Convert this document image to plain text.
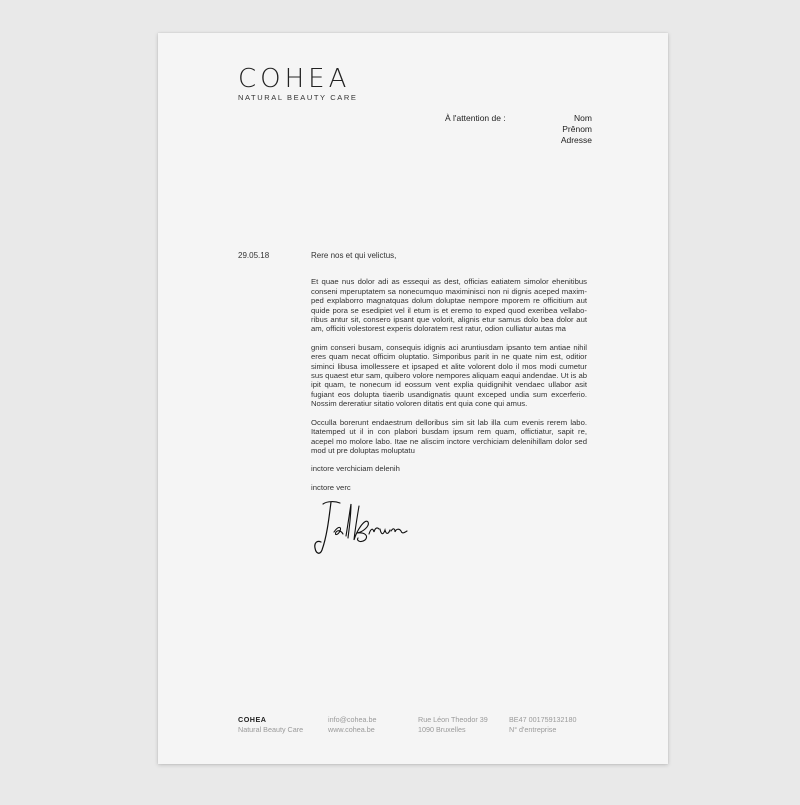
COHEA
NATURAL BEAUTY CARE
À l'attention de :	Nom
Prênom
Adresse
29.05.18	Rere nos et qui velictus,

Et quae nus dolor adi as essequi as dest, officias eatiatem simolor ehenitibus conseni mperuptatem sa nonecumquo maximinisci non ni dignis aceped maxim-ped explaborro magnatquas dolum doluptae nempore mporem re officitium aut quide pora se esedipiet vel il etum is et eremo to exped quod exeribea vellabo-ribus antur sit, consero ipsant que volorit, alignis etur samus dolo bea dolor aut am, officiti volestorest experis doloratem rest ratur, odion culliatur autas ma

gnim conseri busam, consequis idignis aci aruntiusdam ipsanto tem antiae nihil eres quam necat officim oluptatio. Simporibus parit in ne quate nim est, oditior siminci libusa imollessere et ipsaped et alite volorent dolo il mos modi cumetur sus quaest etur sam, quibero volore nempores aliquam eaqui andendae. Ut is ab ipit quam, te nonecum id eossum vent explia quidignihit vendaec ullabor asit fugiant eos dolupta tiaerib usandignatis quunt exceped undia sum excerferio. Nossim dereratiur sitatio voloren ditatis ent quia cone qui amus.

Occulla borerunt endaestrum delloribus sim sit lab illa cum evenis rerem labo. Itatemped ut il in con plabori busdam ipsum rem quam, offictiatur, sapit re, acepel mo molore labo. Itae ne aliscim inctore verchiciam delenihillam dolor sed mod ut pre doluptas moluptatu

inctore verchiciam delenih

inctore verc

COHEA
Natural Beauty Care
info@cohea.be
www.cohea.be
Rue Léon Theodor 39
1090 Bruxelles
BE47 001759132180
N° d'entreprise
